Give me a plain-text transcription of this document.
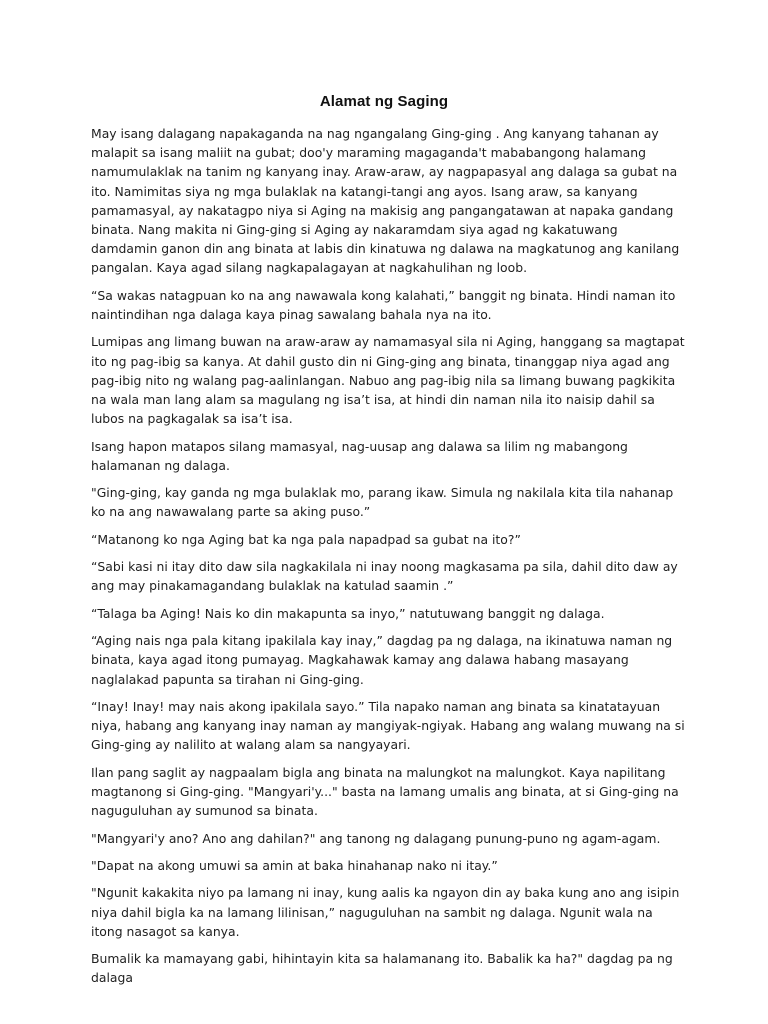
Alamat ng Saging

May isang dalagang napakaganda na nag ngangalang Ging-ging . Ang kanyang tahanan ay malapit sa isang maliit na gubat; doo'y maraming magaganda't mababangong halamang namumulaklak na tanim ng kanyang inay. Araw-araw, ay nagpapasyal ang dalaga sa gubat na ito. Namimitas siya ng mga bulaklak na katangi-tangi ang ayos. Isang araw, sa kanyang pamamasyal, ay nakatagpo niya si Aging na makisig ang pangangatawan at napaka gandang binata. Nang makita ni Ging-ging si Aging ay nakaramdam siya agad ng kakatuwang damdamin ganon din ang binata at labis din kinatuwa ng dalawa na magkatunog ang kanilang pangalan. Kaya agad silang nagkapalagayan at nagkahulihan ng loob.

“Sa wakas natagpuan ko na ang nawawala kong kalahati,” banggit ng binata. Hindi naman ito naintindihan nga dalaga kaya pinag sawalang bahala nya na ito.

Lumipas ang limang buwan na araw-araw ay namamasyal sila ni Aging, hanggang sa magtapat ito ng pag-ibig sa kanya. At dahil gusto din ni Ging-ging ang binata, tinanggap niya agad ang pag-ibig nito ng walang pag-aalinlangan. Nabuo ang pag-ibig nila sa limang buwang pagkikita na wala man lang alam sa magulang ng isa’t isa, at hindi din naman nila ito naisip dahil sa lubos na pagkagalak sa isa’t isa.

Isang hapon matapos silang mamasyal, nag-uusap ang dalawa sa lilim ng mabangong halamanan ng dalaga.

"Ging-ging, kay ganda ng mga bulaklak mo, parang ikaw. Simula ng nakilala kita tila nahanap ko na ang nawawalang parte sa aking puso.”

“Matanong ko nga Aging bat ka nga pala napadpad sa gubat na ito?”

“Sabi kasi ni itay dito daw sila nagkakilala ni inay noong magkasama pa sila, dahil dito daw ay ang may pinakamagandang bulaklak na katulad saamin .”

“Talaga ba Aging! Nais ko din makapunta sa inyo,” natutuwang banggit ng dalaga.

“Aging nais nga pala kitang ipakilala kay inay,” dagdag pa ng dalaga, na ikinatuwa naman ng binata, kaya agad itong pumayag. Magkahawak kamay ang dalawa habang masayang naglalakad papunta sa tirahan ni Ging-ging.

“Inay! Inay! may nais akong ipakilala sayo.” Tila napako naman ang binata sa kinatatayuan niya, habang ang kanyang inay naman ay mangiyak-ngiyak. Habang ang walang muwang na si Ging-ging ay nalilito at walang alam sa nangyayari.

Ilan pang saglit ay nagpaalam bigla ang binata na malungkot na malungkot. Kaya napilitang magtanong si Ging-ging. "Mangyari'y..." basta na lamang umalis ang binata, at si Ging-ging na naguguluhan ay sumunod sa binata.

"Mangyari'y ano? Ano ang dahilan?" ang tanong ng dalagang punung-puno ng agam-agam.

"Dapat na akong umuwi sa amin at baka hinahanap nako ni itay.”

"Ngunit kakakita niyo pa lamang ni inay, kung aalis ka ngayon din ay baka kung ano ang isipin niya dahil bigla ka na lamang lilinisan,” naguguluhan na sambit ng dalaga. Ngunit wala na itong nasagot sa kanya.

Bumalik ka mamayang gabi, hihintayin kita sa halamanang ito. Babalik ka ha?" dagdag pa ng dalaga
